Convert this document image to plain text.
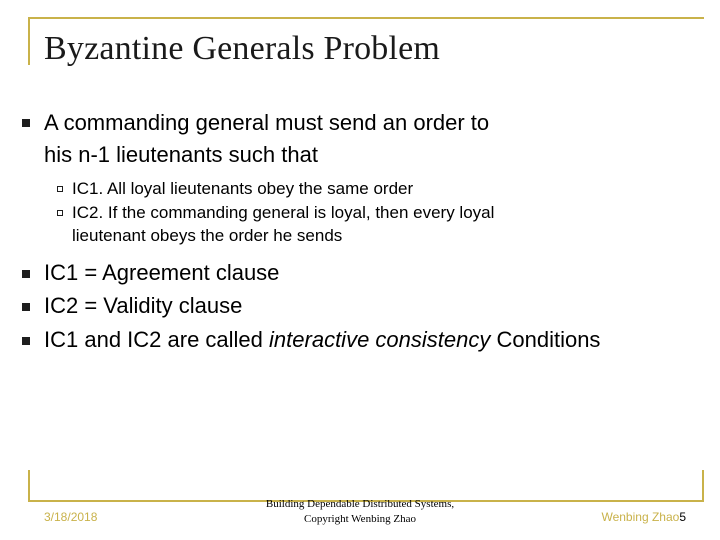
Byzantine Generals Problem
A commanding general must send an order to
his n-1 lieutenants such that
IC1. All loyal lieutenants obey the same order
IC2. If the commanding general is loyal, then every loyal
lieutenant obeys the order he sends
IC1 = Agreement clause
IC2 = Validity clause
IC1 and IC2 are called interactive consistency Conditions
3/18/2018
Building Dependable Distributed Systems,
Copyright Wenbing Zhao	Wenbing Zhao5
